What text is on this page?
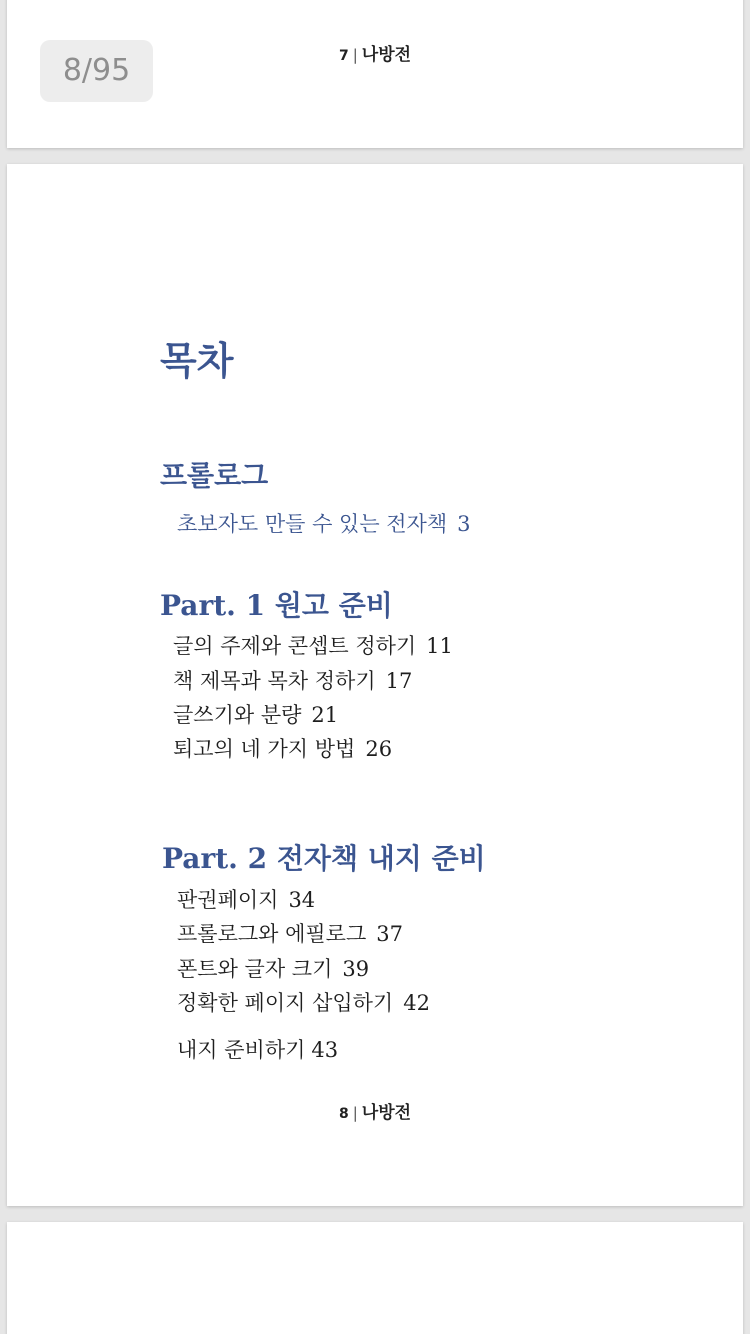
8/95	7 | 나방전
목차
프롤로그
초보자도 만들 수 있는 전자책 3
Part. 1 원고 준비
글의 주제와 콘셉트 정하기 11
책 제목과 목차 정하기 17
글쓰기와 분량 21
퇴고의 네 가지 방법 26
Part. 2 전자책 내지 준비
판권페이지 34
프롤로그와 에필로그 37
폰트와 글자 크기 39
정확한 페이지 삽입하기 42
내지 준비하기 43
8 | 나방전
